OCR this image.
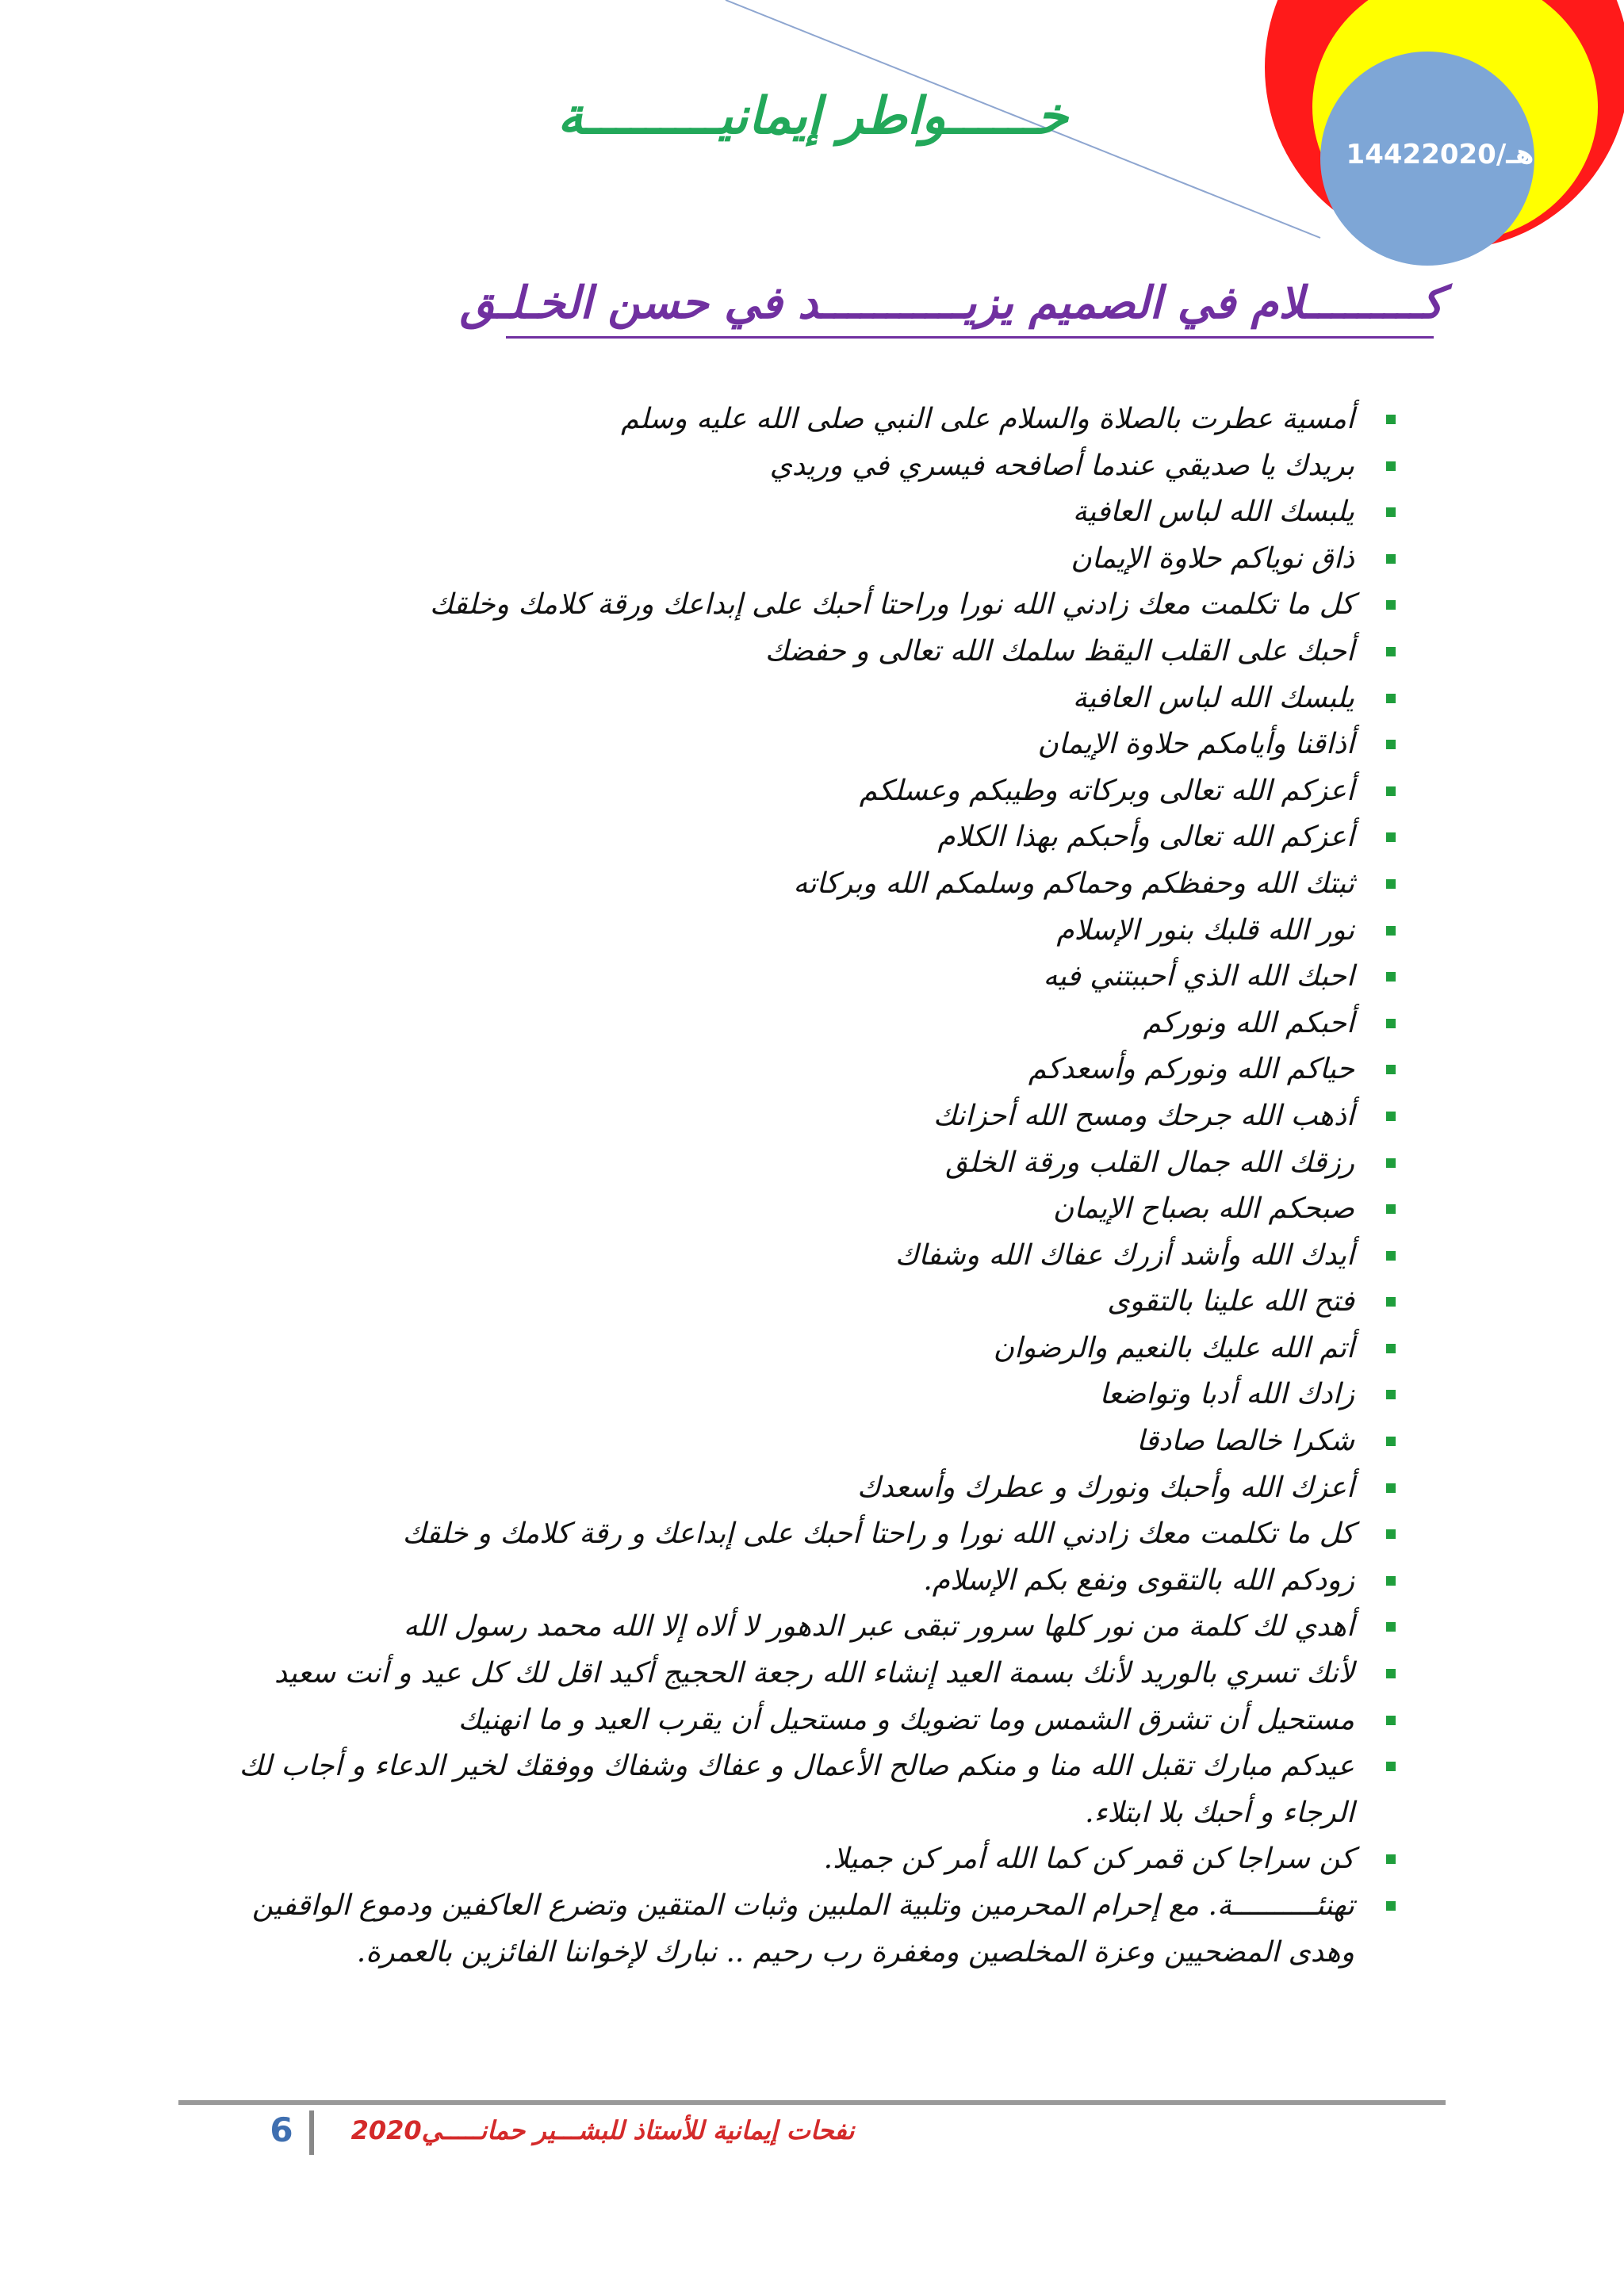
1442هـ/2020
خــــــواطر إيمانيـــــــــة
كـــــــــلام في الصميم يزيـــــــــــد في حسن الخـلـق
أمسية عطرت بالصلاة والسلام على النبي صلى الله عليه وسلم
بريدك يا صديقي عندما أصافحه فيسري في وريدي
يلبسك الله لباس العافية
ذاق نوياكم حلاوة الإيمان
كل ما تكلمت معك زادني الله نورا وراحتا أحبك على إبداعك ورقة كلامك وخلقك
أحبك على القلب اليقظ سلمك الله تعالى و حفضك
يلبسك الله لباس العافية
أذاقنا وأيامكم حلاوة الإيمان
أعزكم الله تعالى وبركاته وطيبكم وعسلكم
أعزكم الله تعالى وأحبكم بهذا الكلام
ثبتك الله وحفظكم وحماكم وسلمكم الله وبركاته
نور الله قلبك بنور الإسلام
احبك الله الذي أحببتني فيه
أحبكم الله ونوركم
حياكم الله ونوركم وأسعدكم
أذهب الله جرحك ومسح الله أحزانك
رزقك الله جمال القلب ورقة الخلق
صبحكم الله بصباح الإيمان
أيدك الله وأشد أزرك عفاك الله وشفاك
فتح الله علينا بالتقوى
أتم الله عليك بالنعيم والرضوان
زادك الله أدبا وتواضعا
شكرا خالصا صادقا
أعزك الله وأحبك ونورك و عطرك وأسعدك
كل ما تكلمت معك زادني الله نورا و راحتا أحبك على إبداعك و رقة كلامك و خلقك
زودكم الله بالتقوى ونفع بكم الإسلام.
أهدي لك كلمة من نور كلها سرور تبقى عبر الدهور لا ألاه إلا الله محمد رسول الله
لأنك تسري بالوريد لأنك بسمة العيد إنشاء الله رجعة الحجيج أكيد اقل لك كل عيد و أنت سعيد
مستحيل أن تشرق الشمس وما تضويك و مستحيل أن يقرب العيد و ما انهنيك
عيدكم مبارك تقبل الله منا و منكم صالح الأعمال و عفاك وشفاك ووفقك لخير الدعاء و أجاب لك الرجاء و أحبك بلا ابتلاء.
كن سراجا كن قمر كن كما الله أمر كن جميلا.
تهنئــــــــــة. مع إحرام المحرمين وتلبية الملبين وثبات المتقين وتضرع العاكفين ودموع الواقفين وهدى المضحيين وعزة المخلصين ومغفرة رب رحيم .. نبارك لإخواننا الفائزين بالعمرة.
6	نفحات إيمانية للأستاذ للبشـــير حمانـــــي2020
